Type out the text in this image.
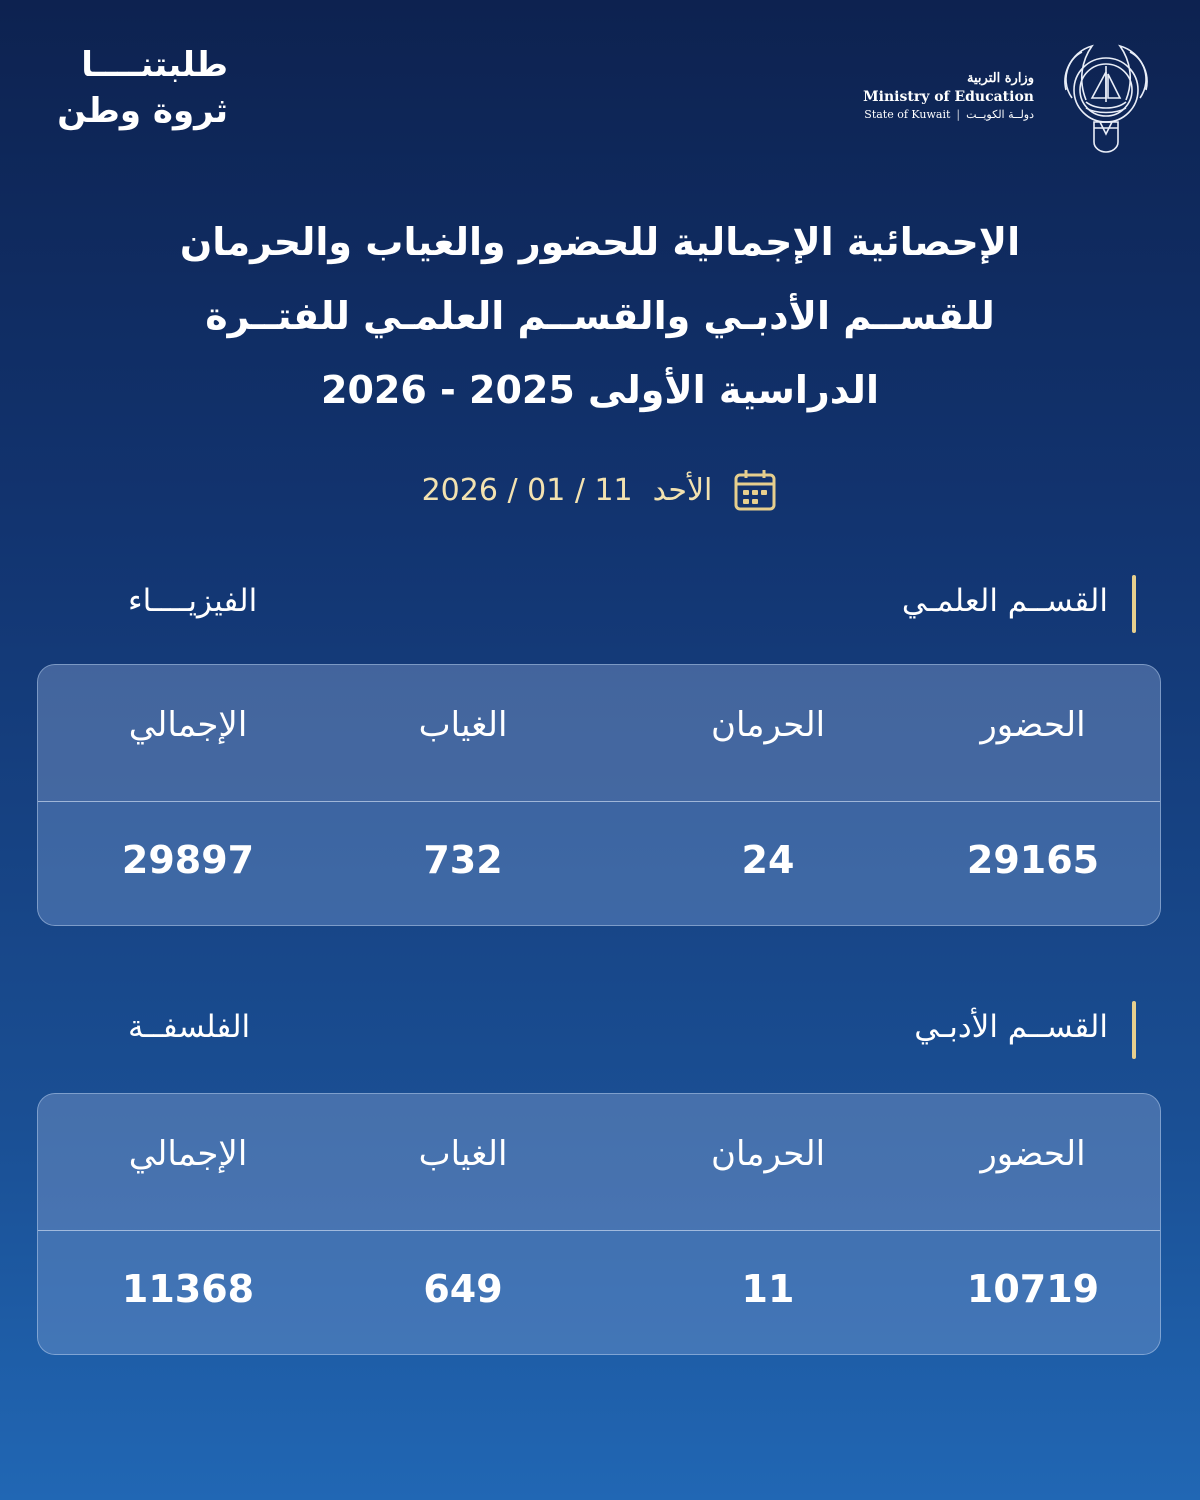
طلبتنــــا
ثروة وطن
وزارة التربية
Ministry of Education
State of Kuwait | دولــة الكويــت
الإحصائية الإجمالية للحضور والغياب والحرمان
للقســم الأدبـي والقســم العلمـي للفتــرة
الدراسية الأولى 2025 - 2026
الأحد
2026 / 01 / 11
القســم العلمـي
الفيزيــــاء
الحضور
الحرمان
الغياب
الإجمالي
29165
24
732
29897
القســم الأدبـي
الفلسفــة
الحضور
الحرمان
الغياب
الإجمالي
10719
11
649
11368
